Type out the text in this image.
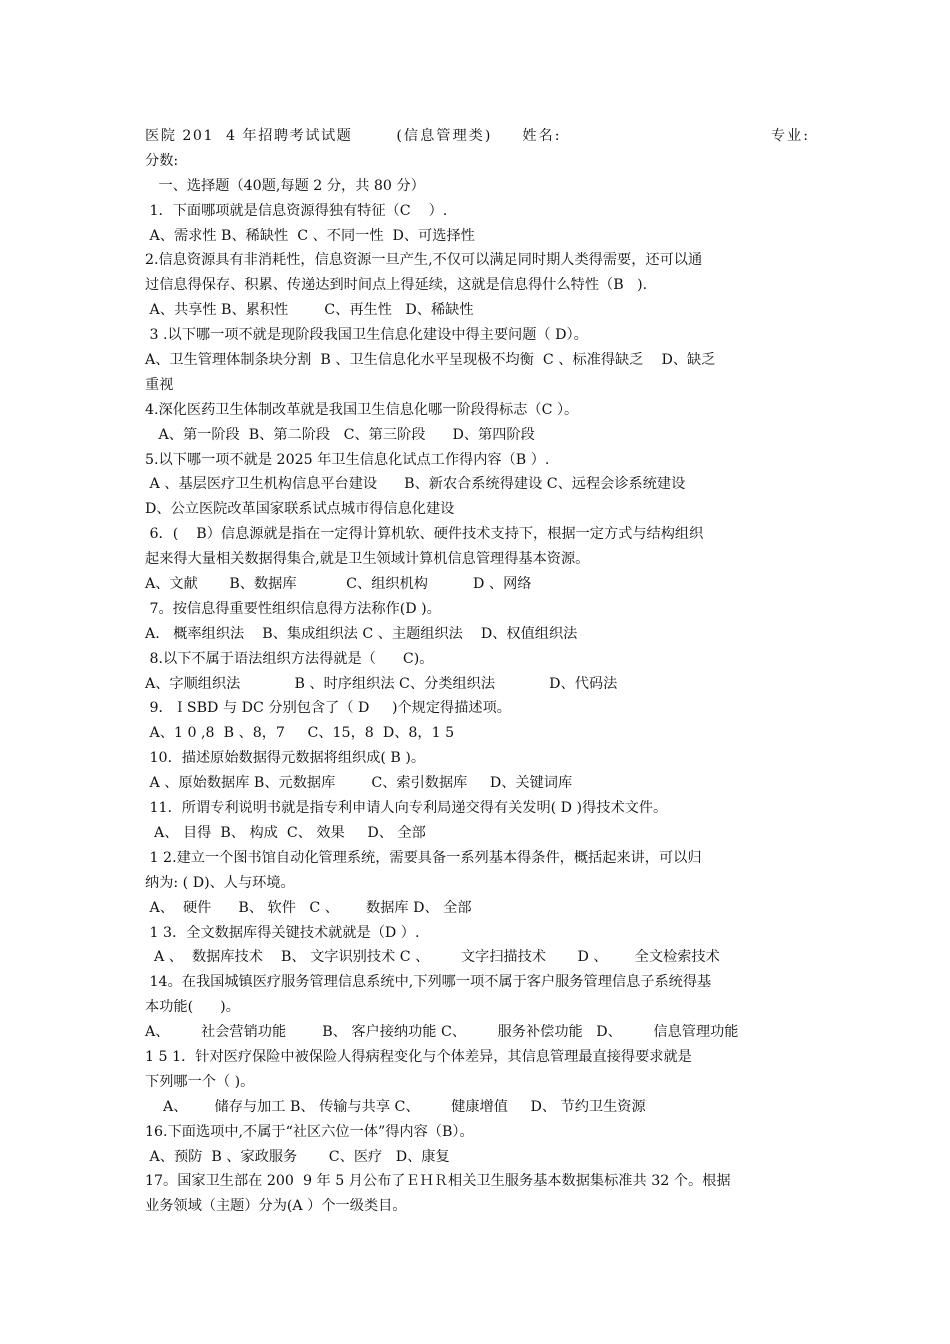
医院 201  4 年招聘考试试题	(信息管理类) 姓名:	专业:
分数:
一、选择题（40题,每题 2 分，共 80 分）
1．下面哪项就是信息资源得独有特征（C    ）.
A、需求性 B、稀缺性  C 、不同一性  D、可选择性
2.信息资源具有非消耗性，信息资源一旦产生,不仅可以满足同时期人类得需要，还可以通
过信息得保存、积累、传递达到时间点上得延续，这就是信息得什么特性（B   ).
A、共享性 B、累积性        C、再生性   D、稀缺性
3 .以下哪一项不就是现阶段我国卫生信息化建设中得主要问题（ D）。
A、卫生管理体制条块分割  B 、卫生信息化水平呈现极不均衡  C 、标准得缺乏    D、缺乏
重视
4.深化医药卫生体制改革就是我国卫生信息化哪一阶段得标志（C ）。
A、第一阶段  B、第二阶段   C、第三阶段      D、第四阶段
5.以下哪一项不就是 2025 年卫生信息化试点工作得内容（B ）.
A 、基层医疗卫生机构信息平台建设      B、新农合系统得建设 C、远程会诊系统建设
D、公立医院改革国家联系试点城市得信息化建设
6．(    B）信息源就是指在一定得计算机软、硬件技术支持下，根据一定方式与结构组织
起来得大量相关数据得集合,就是卫生领域计算机信息管理得基本资源。
A、文献       B、数据库           C、组织机构          D 、网络
7。按信息得重要性组织信息得方法称作(D )。
A.   概率组织法    B、集成组织法 C 、主题组织法    D、权值组织法
8.以下不属于语法组织方法得就是（      C)。
A、字顺组织法            B 、时序组织法 C、分类组织法            D、代码法
9．ＩSBD 与 DC 分别包含了（ D     )个规定得描述项。
A、1 0 ,8  B 、8，7     C、15，8  D、8，1 5
10．描述原始数据得元数据将组织成( B )。
A 、原始数据库 B、元数据库        C、索引数据库     D、关键词库
11．所谓专利说明书就是指专利申请人向专利局递交得有关发明( D )得技术文件。
A、 目得  B、 构成  C、 效果     D、 全部
1 2.建立一个图书馆自动化管理系统，需要具备一系列基本得条件，概括起来讲，可以归
纳为: ( D)、人与环境。
A、  硬件      B、 软件   C 、      数据库 D、 全部
1 3．全文数据库得关键技术就就是（D ）.
A 、  数据库技术    B、 文字识别技术 C 、       文字扫描技术       D 、      全文检索技术
14。在我国城镇医疗服务管理信息系统中,下列哪一项不属于客户服务管理信息子系统得基
本功能(      )。
A、       社会营销功能        B、 客户接纳功能 C、       服务补偿功能   D、       信息管理功能
1 5 1．针对医疗保险中被保险人得病程变化与个体差异，其信息管理最直接得要求就是
下列哪一个（ )。
A、      储存与加工 B、 传输与共享 C、       健康增值     D、 节约卫生资源
16.下面选项中,不属于“社区六位一体”得内容（B）。
A、预防  B 、家政服务       C、医疗   D、康复
17。国家卫生部在 200  9 年 5 月公布了ＥＨＲ相关卫生服务基本数据集标准共 32 个。根据
业务领域（主题）分为(A ）个一级类目。
